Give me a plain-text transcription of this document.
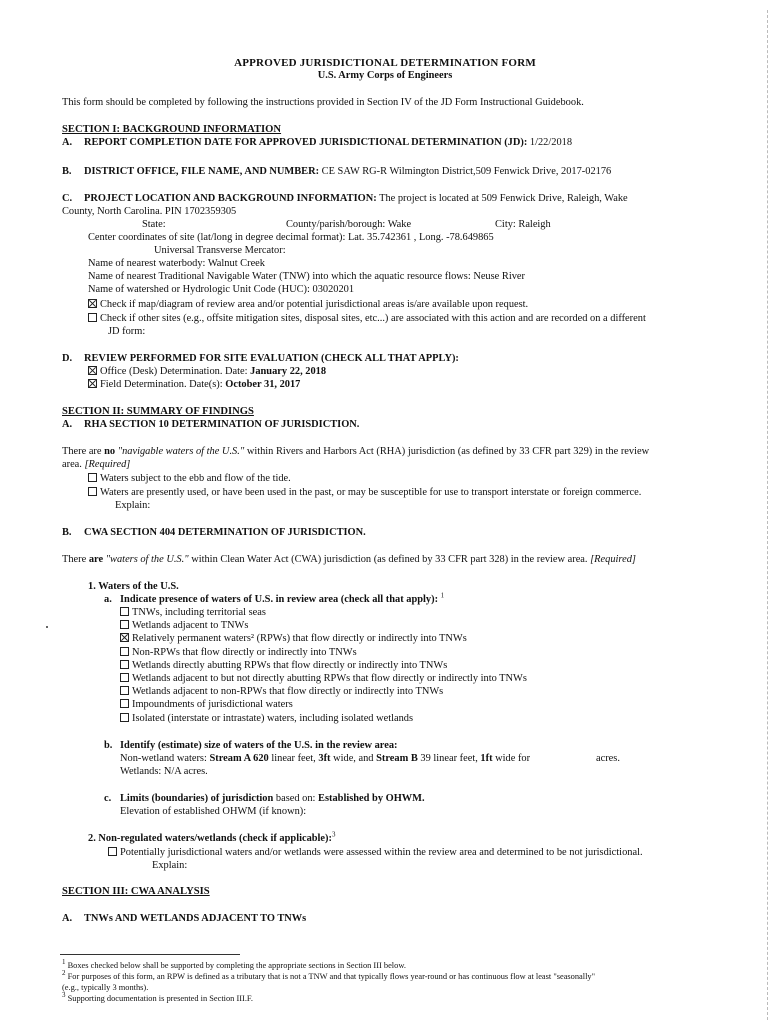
APPROVED JURISDICTIONAL DETERMINATION FORM
U.S. Army Corps of Engineers
This form should be completed by following the instructions provided in Section IV of the JD Form Instructional Guidebook.
SECTION I: BACKGROUND INFORMATION
A. REPORT COMPLETION DATE FOR APPROVED JURISDICTIONAL DETERMINATION (JD): 1/22/2018
B. DISTRICT OFFICE, FILE NAME, AND NUMBER: CE SAW RG-R Wilmington District,509 Fenwick Drive, 2017-02176
C. PROJECT LOCATION AND BACKGROUND INFORMATION: The project is located at 509 Fenwick Drive, Raleigh, Wake
County, North Carolina. PIN 1702359305
State:	County/parish/borough: Wake	City: Raleigh
Center coordinates of site (lat/long in degree decimal format): Lat. 35.742361 , Long. -78.649865
Universal Transverse Mercator:
Name of nearest waterbody: Walnut Creek
Name of nearest Traditional Navigable Water (TNW) into which the aquatic resource flows: Neuse River
Name of watershed or Hydrologic Unit Code (HUC): 03020201
Check if map/diagram of review area and/or potential jurisdictional areas is/are available upon request.
Check if other sites (e.g., offsite mitigation sites, disposal sites, etc...) are associated with this action and are recorded on a different
JD form:
D. REVIEW PERFORMED FOR SITE EVALUATION (CHECK ALL THAT APPLY):
Office (Desk) Determination. Date: January 22, 2018
Field Determination. Date(s): October 31, 2017
SECTION II: SUMMARY OF FINDINGS
A. RHA SECTION 10 DETERMINATION OF JURISDICTION.
There are no "navigable waters of the U.S." within Rivers and Harbors Act (RHA) jurisdiction (as defined by 33 CFR part 329) in the review
area. [Required]
Waters subject to the ebb and flow of the tide.
Waters are presently used, or have been used in the past, or may be susceptible for use to transport interstate or foreign commerce.
Explain:
B. CWA SECTION 404 DETERMINATION OF JURISDICTION.
There are "waters of the U.S." within Clean Water Act (CWA) jurisdiction (as defined by 33 CFR part 328) in the review area. [Required]
1. Waters of the U.S.
a. Indicate presence of waters of U.S. in review area (check all that apply): $^1$
TNWs, including territorial seas
Wetlands adjacent to TNWs
Relatively permanent waters² (RPWs) that flow directly or indirectly into TNWs
Non-RPWs that flow directly or indirectly into TNWs
Wetlands directly abutting RPWs that flow directly or indirectly into TNWs
Wetlands adjacent to but not directly abutting RPWs that flow directly or indirectly into TNWs
Wetlands adjacent to non-RPWs that flow directly or indirectly into TNWs
Impoundments of jurisdictional waters
Isolated (interstate or intrastate) waters, including isolated wetlands
b. Identify (estimate) size of waters of the U.S. in the review area:
Non-wetland waters: Stream A 620 linear feet, 3ft wide, and Stream B 39 linear feet, 1ft wide for	acres.
Wetlands: N/A acres.
c. Limits (boundaries) of jurisdiction based on: Established by OHWM.
Elevation of established OHWM (if known):
2. Non-regulated waters/wetlands (check if applicable):$^3$
Potentially jurisdictional waters and/or wetlands were assessed within the review area and determined to be not jurisdictional.
Explain:
SECTION III: CWA ANALYSIS
A. TNWs AND WETLANDS ADJACENT TO TNWs
$^1$ Boxes checked below shall be supported by completing the appropriate sections in Section III below.
$^2$ For purposes of this form, an RPW is defined as a tributary that is not a TNW and that typically flows year-round or has continuous flow at least "seasonally"
(e.g., typically 3 months).
$^3$ Supporting documentation is presented in Section III.F.
